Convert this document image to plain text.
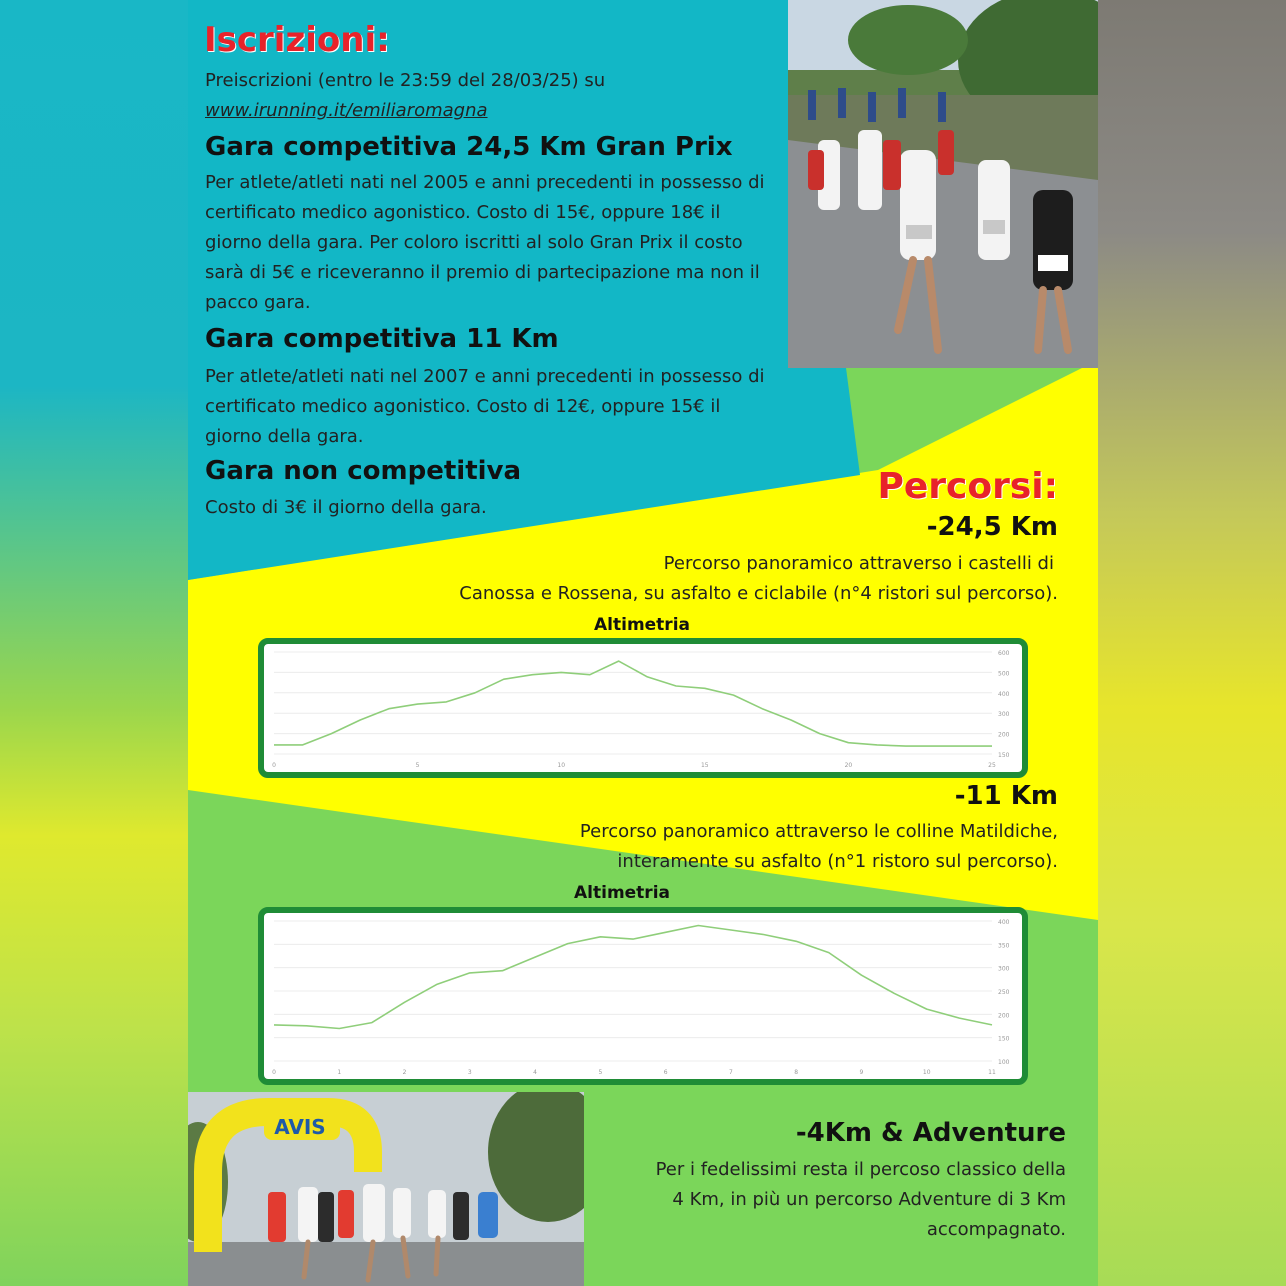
Iscrizioni:

Preiscrizioni (entro le 23:59 del 28/03/25) su

www.irunning.it/emiliaromagna

Gara competitiva 24,5 Km Gran Prix

Per atlete/atleti nati nel 2005 e anni precedenti in possesso di

certificato medico agonistico. Costo di 15€, oppure 18€ il

giorno della gara. Per coloro iscritti al solo Gran Prix il costo

sarà di 5€ e riceveranno il premio di partecipazione ma non il

pacco gara.

Gara competitiva 11 Km

Per atlete/atleti nati nel 2007 e anni precedenti in possesso di

certificato medico agonistico. Costo di 12€, oppure 15€ il

giorno della gara.

Gara non competitiva

Costo di 3€ il giorno della gara.

Percorsi:
-24,5 Km

Percorso panoramico attraverso i castelli di

Canossa e Rossena, su asfalto e ciclabile (n°4 ristori sul percorso).

Altimetria
600
500
400
300
200
150
0	5	10	15	20	25
-11 Km

Percorso panoramico attraverso le colline Matildiche,

interamente su asfalto (n°1 ristoro sul percorso).

Altimetria
400
350
300
250
200
150
100
0	1	2	3	4	5	6	7	8	9	10	11
AVIS	-4Km & Adventure

Per i fedelissimi resta il percoso classico della

4 Km, in più un percorso Adventure di 3 Km

accompagnato.
